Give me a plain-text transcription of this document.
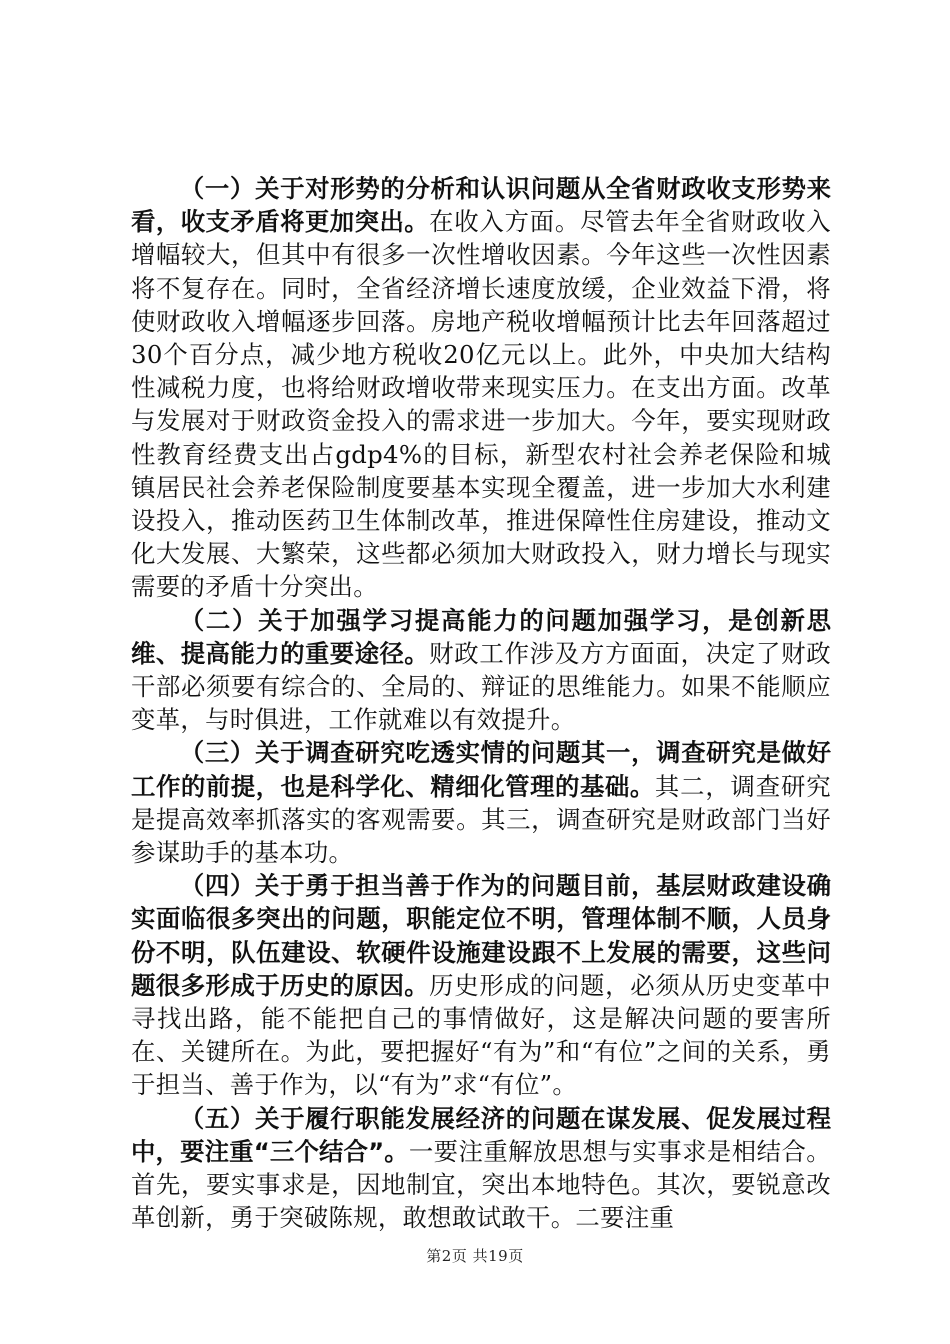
（一）关于对形势的分析和认识问题从全省财政收支形势来看，收支矛盾将更加突出。在收入方面。尽管去年全省财政收入增幅较大，但其中有很多一次性增收因素。今年这些一次性因素将不复存在。同时，全省经济增长速度放缓，企业效益下滑，将使财政收入增幅逐步回落。房地产税收增幅预计比去年回落超过30个百分点，减少地方税收20亿元以上。此外，中央加大结构性减税力度，也将给财政增收带来现实压力。在支出方面。改革与发展对于财政资金投入的需求进一步加大。今年，要实现财政性教育经费支出占gdp4%的目标，新型农村社会养老保险和城镇居民社会养老保险制度要基本实现全覆盖，进一步加大水利建设投入，推动医药卫生体制改革，推进保障性住房建设，推动文化大发展、大繁荣，这些都必须加大财政投入，财力增长与现实需要的矛盾十分突出。

（二）关于加强学习提高能力的问题加强学习，是创新思维、提高能力的重要途径。财政工作涉及方方面面，决定了财政干部必须要有综合的、全局的、辩证的思维能力。如果不能顺应变革，与时俱进，工作就难以有效提升。

（三）关于调查研究吃透实情的问题其一，调查研究是做好工作的前提，也是科学化、精细化管理的基础。其二，调查研究是提高效率抓落实的客观需要。其三，调查研究是财政部门当好参谋助手的基本功。

（四）关于勇于担当善于作为的问题目前，基层财政建设确实面临很多突出的问题，职能定位不明，管理体制不顺，人员身份不明，队伍建设、软硬件设施建设跟不上发展的需要，这些问题很多形成于历史的原因。历史形成的问题，必须从历史变革中寻找出路，能不能把自己的事情做好，这是解决问题的要害所在、关键所在。为此，要把握好“有为”和“有位”之间的关系，勇于担当、善于作为，以“有为”求“有位”。

（五）关于履行职能发展经济的问题在谋发展、促发展过程中，要注重“三个结合”。一要注重解放思想与实事求是相结合。首先，要实事求是，因地制宜，突出本地特色。其次，要锐意改革创新，勇于突破陈规，敢想敢试敢干。二要注重

第2页 共19页
